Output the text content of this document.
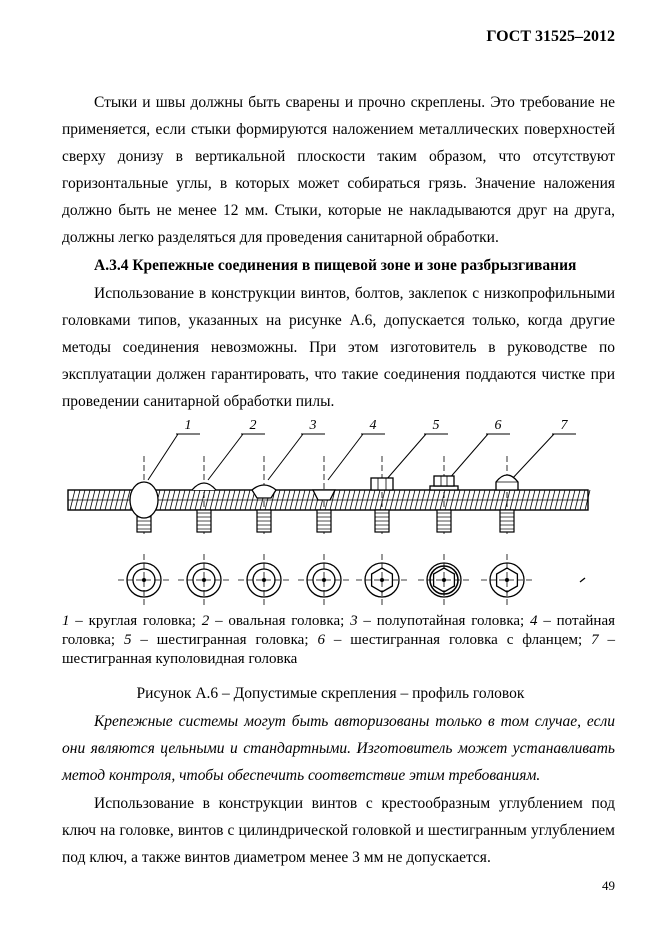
ГОСТ 31525–2012

Стыки и швы должны быть сварены и прочно скреплены. Это требование не применяется, если стыки формируются наложением металлических поверхностей сверху донизу в вертикальной плоскости таким образом, что отсутствуют горизонтальные углы, в которых может собираться грязь. Значение наложения должно быть не менее 12 мм. Стыки, которые не накладываются друг на друга, должны легко разделяться для проведения санитарной обработки.

А.3.4 Крепежные соединения в пищевой зоне и зоне разбрызгивания

Использование в конструкции винтов, болтов, заклепок с низкопрофильными головками типов, указанных на рисунке А.6, допускается только, когда другие методы соединения невозможны. При этом изготовитель в руководстве по эксплуатации должен гарантировать, что такие соединения поддаются чистке при проведении санитарной обработки пилы.

1	2	3	4	5	6	7

1 – круглая головка; 2 – овальная головка; 3 – полупотайная головка; 4 – потайная головка; 5 – шестигранная головка; 6 – шестигранная головка с фланцем; 7 – шестигранная куполовидная головка

Рисунок А.6 – Допустимые скрепления – профиль головок

Крепежные системы могут быть авторизованы только в том случае, если они являются цельными и стандартными. Изготовитель может устанавливать метод контроля, чтобы обеспечить соответствие этим требованиям.

Использование в конструкции винтов с крестообразным углублением под ключ на головке, винтов с цилиндрической головкой и шестигранным углублением под ключ, а также винтов диаметром менее 3 мм не допускается.

49
